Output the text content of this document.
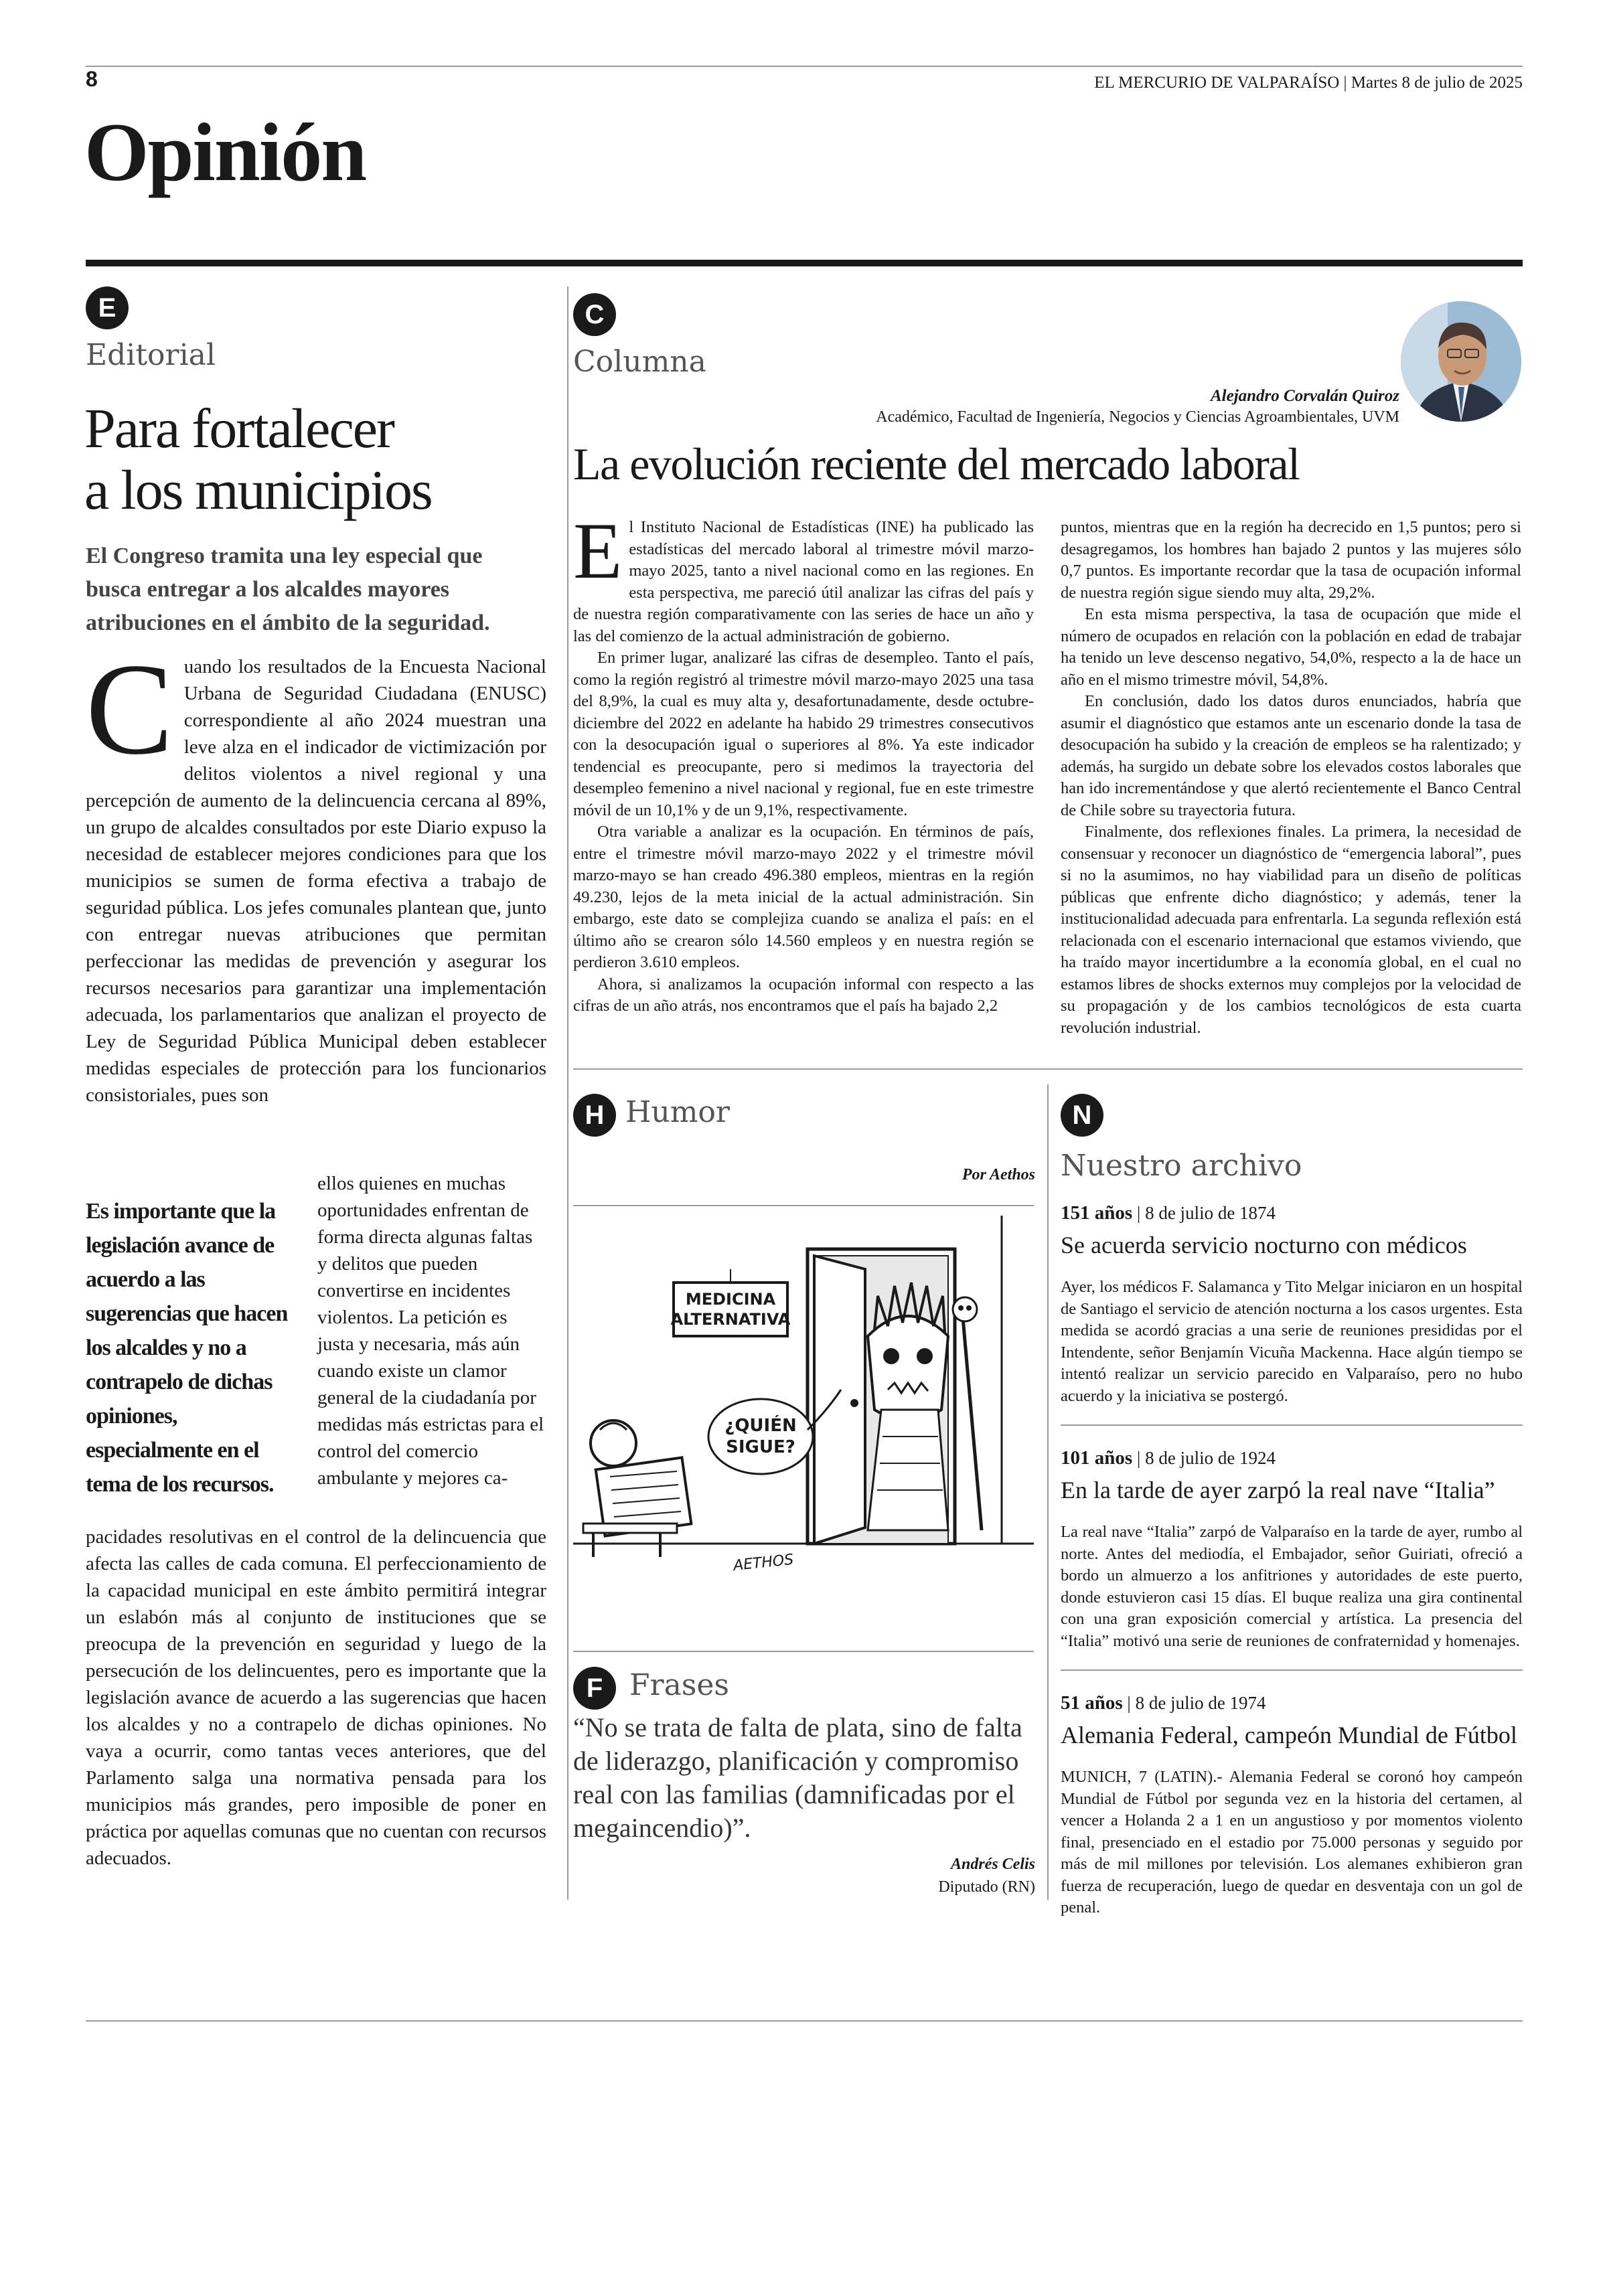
8	EL MERCURIO DE VALPARAÍSO | Martes 8 de julio de 2025
Opinión
E
Editorial
Para fortalecer
a los municipios
El Congreso tramita una ley especial que busca entregar a los alcaldes mayores atribuciones en el ámbito de la seguridad.
Cuando los resultados de la Encuesta Nacional Urbana de Seguridad Ciudadana (ENUSC) correspondiente al año 2024 muestran una leve alza en el indicador de victimización por delitos violentos a nivel regional y una percepción de aumento de la delincuencia cercana al 89%, un grupo de alcaldes consultados por este Diario expuso la necesidad de establecer mejores condiciones para que los municipios se sumen de forma efectiva a trabajo de seguridad pública. Los jefes comunales plantean que, junto con entregar nuevas atribuciones que permitan perfeccionar las medidas de prevención y asegurar los recursos necesarios para garantizar una implementación adecuada, los parlamentarios que analizan el proyecto de Ley de Seguridad Pública Municipal deben establecer medidas especiales de protección para los funcionarios consistoriales, pues son
Es importante que la legislación avance de acuerdo a las sugerencias que hacen los alcaldes y no a contrapelo de dichas opiniones, especialmente en el tema de los recursos.
ellos quienes en muchas oportunidades enfrentan de forma directa algunas faltas y delitos que pueden convertirse en incidentes violentos. La petición es justa y necesaria, más aún cuando existe un clamor general de la ciudadanía por medidas más estrictas para el control del comercio ambulante y mejores ca-
pacidades resolutivas en el control de la delincuencia que afecta las calles de cada comuna. El perfeccionamiento de la capacidad municipal en este ámbito permitirá integrar un eslabón más al conjunto de instituciones que se preocupa de la prevención en seguridad y luego de la persecución de los delincuentes, pero es importante que la legislación avance de acuerdo a las sugerencias que hacen los alcaldes y no a contrapelo de dichas opiniones. No vaya a ocurrir, como tantas veces anteriores, que del Parlamento salga una normativa pensada para los municipios más grandes, pero imposible de poner en práctica por aquellas comunas que no cuentan con recursos adecuados.
C
Columna
Alejandro Corvalán Quiroz
Académico, Facultad de Ingeniería, Negocios y Ciencias Agroambientales, UVM
La evolución reciente del mercado laboral

El Instituto Nacional de Estadísticas (INE) ha publicado las estadísticas del mercado laboral al trimestre móvil marzo-mayo 2025, tanto a nivel nacional como en las regiones. En esta perspectiva, me pareció útil analizar las cifras del país y de nuestra región comparativamente con las series de hace un año y las del comienzo de la actual administración de gobierno.

En primer lugar, analizaré las cifras de desempleo. Tanto el país, como la región registró al trimestre móvil marzo-mayo 2025 una tasa del 8,9%, la cual es muy alta y, desafortunadamente, desde octubre-diciembre del 2022 en adelante ha habido 29 trimestres consecutivos con la desocupación igual o superiores al 8%. Ya este indicador tendencial es preocupante, pero si medimos la trayectoria del desempleo femenino a nivel nacional y regional, fue en este trimestre móvil de un 10,1% y de un 9,1%, respectivamente.

Otra variable a analizar es la ocupación. En términos de país, entre el trimestre móvil marzo-mayo 2022 y el trimestre móvil marzo-mayo se han creado 496.380 empleos, mientras en la región 49.230, lejos de la meta inicial de la actual administración. Sin embargo, este dato se complejiza cuando se analiza el país: en el último año se crearon sólo 14.560 empleos y en nuestra región se perdieron 3.610 empleos.

Ahora, si analizamos la ocupación informal con respecto a las cifras de un año atrás, nos encontramos que el país ha bajado 2,2

puntos, mientras que en la región ha decrecido en 1,5 puntos; pero si desagregamos, los hombres han bajado 2 puntos y las mujeres sólo 0,7 puntos. Es importante recordar que la tasa de ocupación informal de nuestra región sigue siendo muy alta, 29,2%.

En esta misma perspectiva, la tasa de ocupación que mide el número de ocupados en relación con la población en edad de trabajar ha tenido un leve descenso negativo, 54,0%, respecto a la de hace un año en el mismo trimestre móvil, 54,8%.

En conclusión, dado los datos duros enunciados, habría que asumir el diagnóstico que estamos ante un escenario donde la tasa de desocupación ha subido y la creación de empleos se ha ralentizado; y además, ha surgido un debate sobre los elevados costos laborales que han ido incrementándose y que alertó recientemente el Banco Central de Chile sobre su trayectoria futura.

Finalmente, dos reflexiones finales. La primera, la necesidad de consensuar y reconocer un diagnóstico de “emergencia laboral”, pues si no la asumimos, no hay viabilidad para un diseño de políticas públicas que enfrente dicho diagnóstico; y además, tener la institucionalidad adecuada para enfrentarla. La segunda reflexión está relacionada con el escenario internacional que estamos viviendo, que ha traído mayor incertidumbre a la economía global, en el cual no estamos libres de shocks externos muy complejos por la velocidad de su propagación y de los cambios tecnológicos de esta cuarta revolución industrial.

H Humor
Por Aethos
MEDICINA
ALTERNATIVA
¿QUIÉN
SIGUE?
AETHOS
F Frases
“No se trata de falta de plata, sino de falta de liderazgo, planificación y compromiso real con las familias (damnificadas por el megaincendio)”.
Andrés Celis
Diputado (RN)
N
Nuestro archivo
151 años | 8 de julio de 1874
Se acuerda servicio nocturno con médicos
Ayer, los médicos F. Salamanca y Tito Melgar iniciaron en un hospital de Santiago el servicio de atención nocturna a los casos urgentes. Esta medida se acordó gracias a una serie de reuniones presididas por el Intendente, señor Benjamín Vicuña Mackenna. Hace algún tiempo se intentó realizar un servicio parecido en Valparaíso, pero no hubo acuerdo y la iniciativa se postergó.
101 años | 8 de julio de 1924
En la tarde de ayer zarpó la real nave “Italia”
La real nave “Italia” zarpó de Valparaíso en la tarde de ayer, rumbo al norte. Antes del mediodía, el Embajador, señor Guiriati, ofreció a bordo un almuerzo a los anfitriones y autoridades de este puerto, donde estuvieron casi 15 días. El buque realiza una gira continental con una gran exposición comercial y artística. La presencia del “Italia” motivó una serie de reuniones de confraternidad y homenajes.
51 años | 8 de julio de 1974
Alemania Federal, campeón Mundial de Fútbol
MUNICH, 7 (LATIN).- Alemania Federal se coronó hoy campeón Mundial de Fútbol por segunda vez en la historia del certamen, al vencer a Holanda 2 a 1 en un angustioso y por momentos violento final, presenciado en el estadio por 75.000 personas y seguido por más de mil millones por televisión. Los alemanes exhibieron gran fuerza de recuperación, luego de quedar en desventaja con un gol de penal.
